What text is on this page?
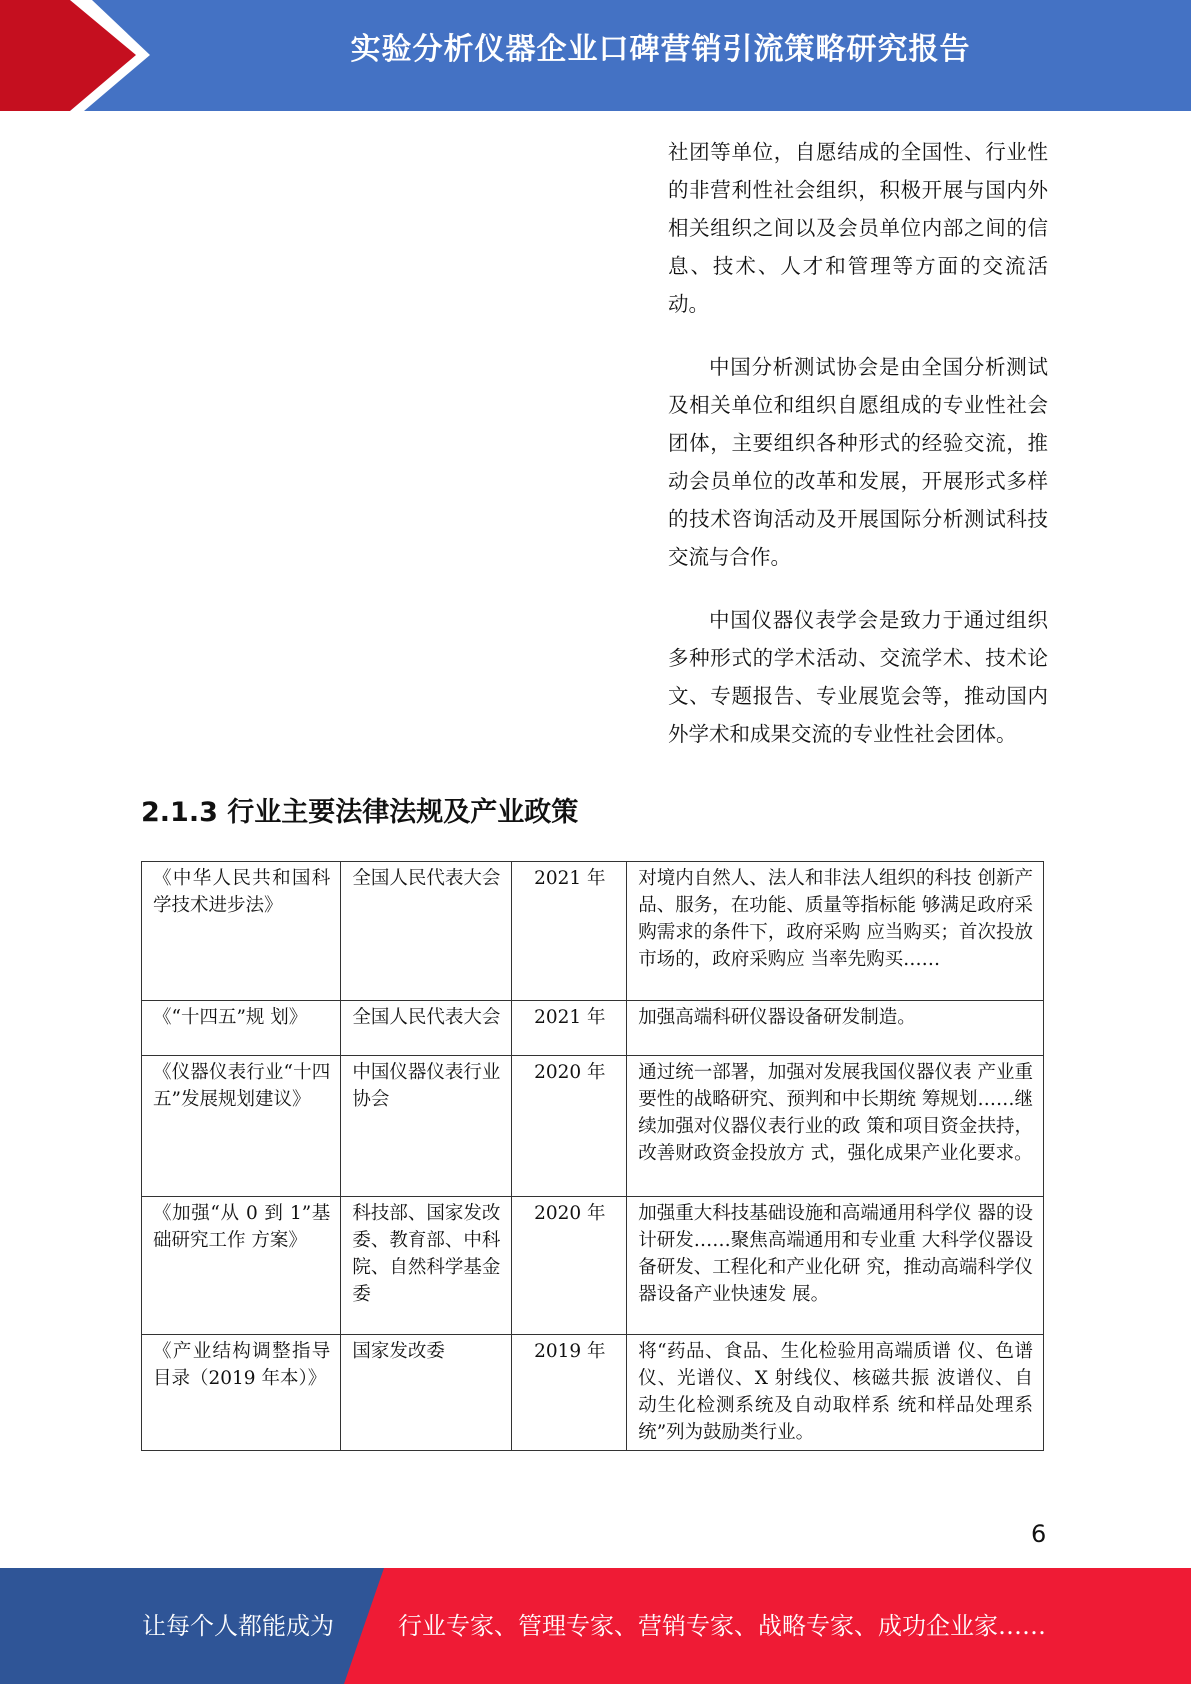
实验分析仪器企业口碑营销引流策略研究报告

社团等单位，自愿结成的全国性、行业性的非营利性社会组织，积极开展与国内外相关组织之间以及会员单位内部之间的信息、技术、人才和管理等方面的交流活动。

中国分析测试协会是由全国分析测试及相关单位和组织自愿组成的专业性社会团体，主要组织各种形式的经验交流，推动会员单位的改革和发展，开展形式多样的技术咨询活动及开展国际分析测试科技交流与合作。

中国仪器仪表学会是致力于通过组织多种形式的学术活动、交流学术、技术论文、专题报告、专业展览会等，推动国内外学术和成果交流的专业性社会团体。

2.1.3 行业主要法律法规及产业政策
《中华人民共和国科学技术进步法》	全国人民代表大会	2021 年	对境内自然人、法人和非法人组织的科技 创新产品、服务，在功能、质量等指标能 够满足政府采购需求的条件下，政府采购 应当购买；首次投放市场的，政府采购应 当率先购买……
《“十四五”规 划》	全国人民代表大会	2021 年	加强高端科研仪器设备研发制造。
《仪器仪表行业“十四五”发展规划建议》	中国仪器仪表行业协会	2020 年	通过统一部署，加强对发展我国仪器仪表 产业重要性的战略研究、预判和中长期统 筹规划……继续加强对仪器仪表行业的政 策和项目资金扶持，改善财政资金投放方 式，强化成果产业化要求。
《加强“从 0 到 1”基础研究工作 方案》	科技部、国家发改委、教育部、中科院、自然科学基金委	2020 年	加强重大科技基础设施和高端通用科学仪 器的设计研发……聚焦高端通用和专业重 大科学仪器设备研发、工程化和产业化研 究，推动高端科学仪器设备产业快速发 展。
《产业结构调整指导目录（2019 年本）》	国家发改委	2019 年	将“药品、食品、生化检验用高端质谱 仪、色谱仪、光谱仪、X 射线仪、核磁共振 波谱仪、自动生化检测系统及自动取样系 统和样品处理系统”列为鼓励类行业。
6
让每个人都能成为	行业专家、管理专家、营销专家、战略专家、成功企业家……
